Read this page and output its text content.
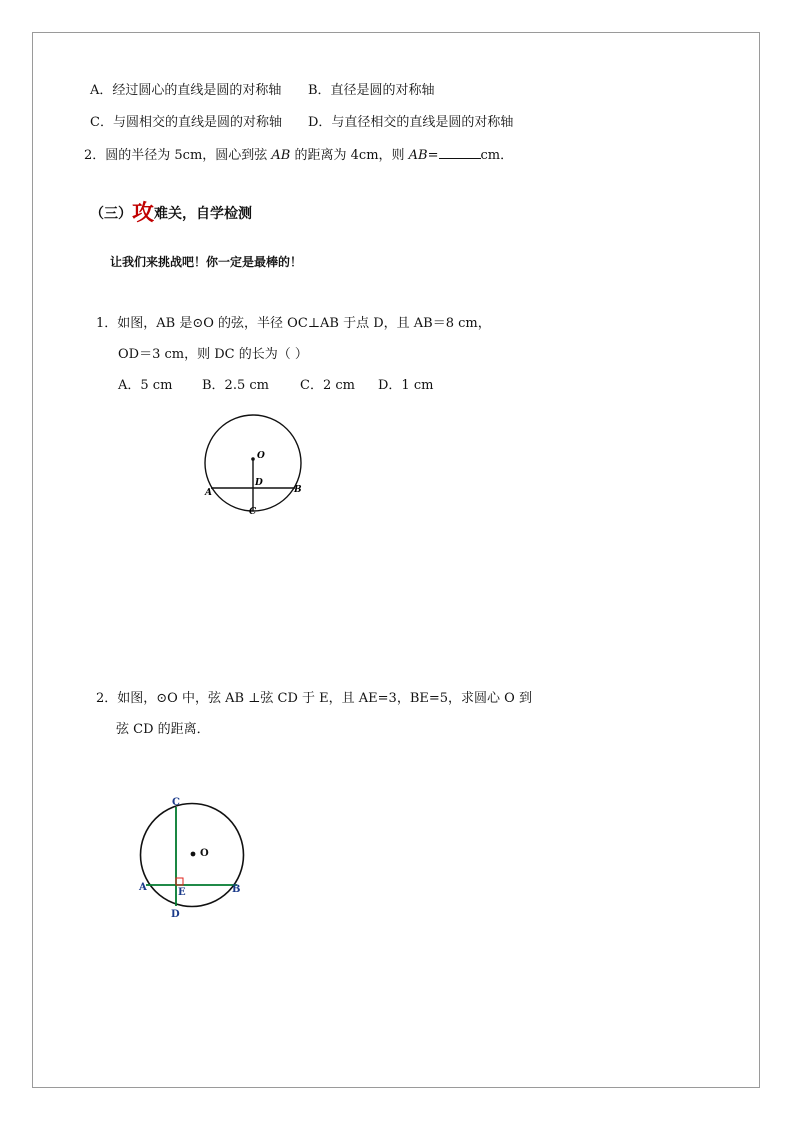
A．经过圆心的直线是圆的对称轴 B．直径是圆的对称轴
C．与圆相交的直线是圆的对称轴 D．与直径相交的直线是圆的对称轴
2．圆的半径为 5cm，圆心到弦 AB 的距离为 4cm，则 AB=	cm．
（三）攻难关，自学检测
让我们来挑战吧！你一定是最棒的！
1．如图，AB 是⊙O 的弦，半径 OC⊥AB 于点 D，且 AB＝8 cm，
OD＝3 cm，则 DC 的长为（ ）
A．5 cm B．2.5 cm C．2 cm D．1 cm
O
D
A	B
C
2．如图，⊙O 中，弦 AB ⊥弦 CD 于 E，且 AE=3，BE=5，求圆心 O 到
弦 CD 的距离．
O
C
A	E	B
D
